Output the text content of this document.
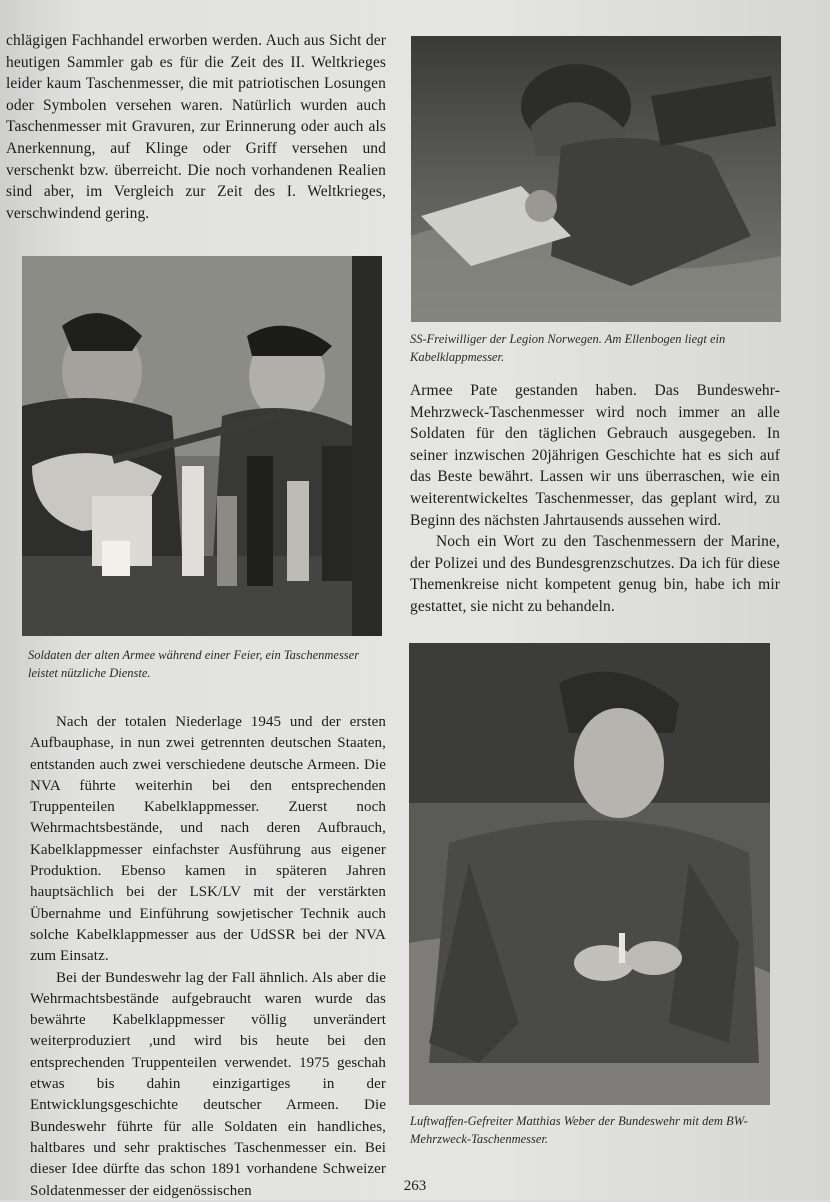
chlägigen Fachhandel erworben werden. Auch aus Sicht der heutigen Sammler gab es für die Zeit des II. Weltkrieges leider kaum Taschenmesser, die mit patriotischen Losungen oder Symbolen versehen waren. Natürlich wurden auch Taschenmesser mit Gravuren, zur Erinnerung oder auch als Anerkennung, auf Klinge oder Griff versehen und verschenkt bzw. überreicht. Die noch vorhandenen Realien sind aber, im Vergleich zur Zeit des I. Weltkrieges, verschwindend gering.

SS-Freiwilliger der Legion Norwegen. Am Ellenbogen liegt ein Kabelklappmesser.
Soldaten der alten Armee während einer Feier, ein Taschenmesser leistet nützliche Dienste.

Armee Pate gestanden haben. Das Bundeswehr-Mehrzweck-Taschenmesser wird noch immer an alle Soldaten für den täglichen Gebrauch ausgegeben. In seiner inzwischen 20jährigen Geschichte hat es sich auf das Beste bewährt. Lassen wir uns überraschen, wie ein weiterentwickeltes Taschenmesser, das geplant wird, zu Beginn des nächsten Jahrtausends aussehen wird.

Noch ein Wort zu den Taschenmessern der Marine, der Polizei und des Bundesgrenzschutzes. Da ich für diese Themenkreise nicht kompetent genug bin, habe ich mir gestattet, sie nicht zu behandeln.

Luftwaffen-Gefreiter Matthias Weber der Bundeswehr mit dem BW-Mehrzweck-Taschenmesser.

Nach der totalen Niederlage 1945 und der ersten Aufbauphase, in nun zwei getrennten deutschen Staaten, entstanden auch zwei verschiedene deutsche Armeen. Die NVA führte weiterhin bei den entsprechenden Truppenteilen Kabelklappmesser. Zuerst noch Wehrmachtsbestände, und nach deren Aufbrauch, Kabelklappmesser einfachster Ausführung aus eigener Produktion. Ebenso kamen in späteren Jahren hauptsächlich bei der LSK/LV mit der verstärkten Übernahme und Einführung sowjetischer Technik auch solche Kabelklappmesser aus der UdSSR bei der NVA zum Einsatz.

Bei der Bundeswehr lag der Fall ähnlich. Als aber die Wehrmachtsbestände aufgebraucht waren wurde das bewährte Kabelklappmesser völlig unverändert weiterproduziert ,und wird bis heute bei den entsprechenden Truppenteilen verwendet. 1975 geschah etwas bis dahin einzigartiges in der Entwicklungsgeschichte deutscher Armeen. Die Bundeswehr führte für alle Soldaten ein handliches, haltbares und sehr praktisches Taschenmesser ein. Bei dieser Idee dürfte das schon 1891 vorhandene Schweizer Soldatenmesser der eidgenössischen	263
